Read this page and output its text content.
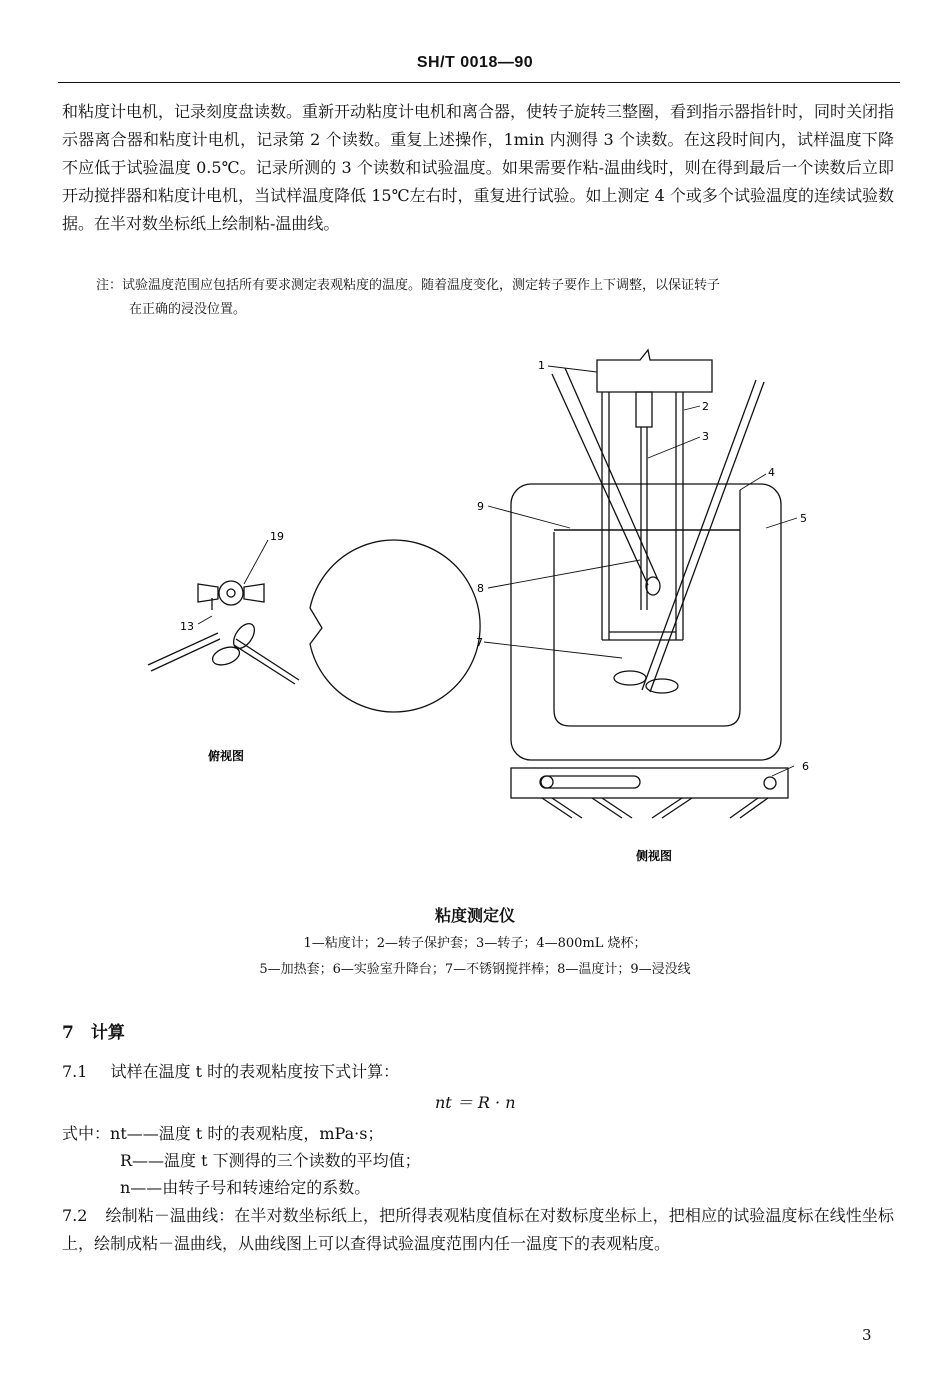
SH/T 0018—90

和粘度计电机，记录刻度盘读数。重新开动粘度计电机和离合器，使转子旋转三整圈，看到指示器指针时，同时关闭指示器离合器和粘度计电机，记录第 2 个读数。重复上述操作，1min 内测得 3 个读数。在这段时间内，试样温度下降不应低于试验温度 0.5℃。记录所测的 3 个读数和试验温度。如果需要作粘-温曲线时，则在得到最后一个读数后立即开动搅拌器和粘度计电机，当试样温度降低 15℃左右时，重复进行试验。如上测定 4 个或多个试验温度的连续试验数据。在半对数坐标纸上绘制粘-温曲线。

注：试验温度范围应包括所有要求测定表观粘度的温度。随着温度变化，测定转子要作上下调整，以保证转子
在正确的浸没位置。

19
13
1
2
3
4
5
6
7
8
9
俯视图
侧视图
粘度测定仪
1—粘度计；2—转子保护套；3—转子；4—800mL 烧杯；
5—加热套；6—实验室升降台；7—不锈钢搅拌棒；8—温度计；9—浸没线
7　计算
7.1 试样在温度 t 时的表观粘度按下式计算：
nt ＝ R · n
式中：nt——温度 t 时的表观粘度，mPa·s；
R——温度 t 下测得的三个读数的平均值；
n——由转子号和转速给定的系数。

7.2 绘制粘－温曲线：在半对数坐标纸上，把所得表观粘度值标在对数标度坐标上，把相应的试验温度标在线性坐标上，绘制成粘－温曲线，从曲线图上可以查得试验温度范围内任一温度下的表观粘度。

3
